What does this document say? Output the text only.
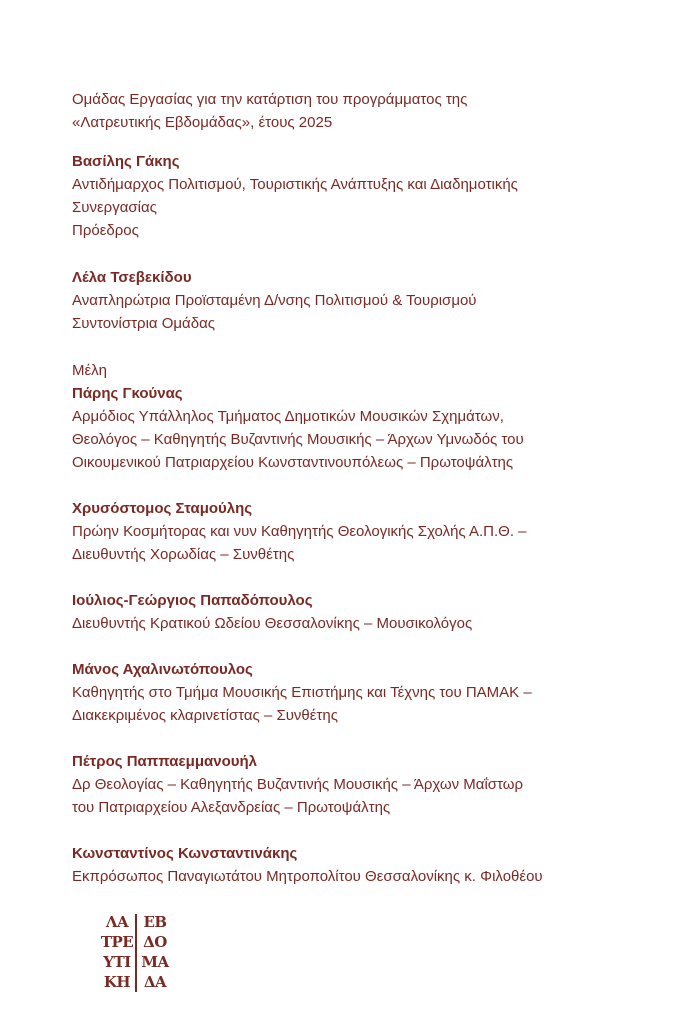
Ομάδας Εργασίας για την κατάρτιση του προγράμματος της
«Λατρευτικής Εβδομάδας», έτους 2025
Βασίλης Γάκης
Αντιδήμαρχος Πολιτισμού, Τουριστικής Ανάπτυξης και Διαδημοτικής
Συνεργασίας
Πρόεδρος
Λέλα Τσεβεκίδου
Αναπληρώτρια Προϊσταμένη Δ/νσης Πολιτισμού & Τουρισμού
Συντονίστρια Ομάδας
Μέλη
Πάρης Γκούνας
Αρμόδιος Υπάλληλος Τμήματος Δημοτικών Μουσικών Σχημάτων,
Θεολόγος – Καθηγητής Βυζαντινής Μουσικής – Άρχων Υμνωδός του
Οικουμενικού Πατριαρχείου Κωνσταντινουπόλεως – Πρωτοψάλτης
Χρυσόστομος Σταμούλης
Πρώην Κοσμήτορας και νυν Καθηγητής Θεολογικής Σχολής Α.Π.Θ. –
Διευθυντής Χορωδίας – Συνθέτης
Ιούλιος-Γεώργιος Παπαδόπουλος
Διευθυντής Κρατικού Ωδείου Θεσσαλονίκης – Μουσικολόγος
Μάνος Αχαλινωτόπουλος
Καθηγητής στο Τμήμα Μουσικής Επιστήμης και Τέχνης του ΠΑΜΑΚ –
Διακεκριμένος κλαρινετίστας – Συνθέτης
Πέτρος Παππαεμμανουήλ
Δρ Θεολογίας – Καθηγητής Βυζαντινής Μουσικής – Άρχων Μαΐστωρ
του Πατριαρχείου Αλεξανδρείας – Πρωτοψάλτης
Κωνσταντίνος Κωνσταντινάκης
Εκπρόσωπος Παναγιωτάτου Μητροπολίτου Θεσσαλονίκης κ. Φιλοθέου
ΛΑ
ΤΡΕ
ΥΤΙ
ΚΗ
ΕΒ
ΔΟ
ΜΑ
ΔΑ
